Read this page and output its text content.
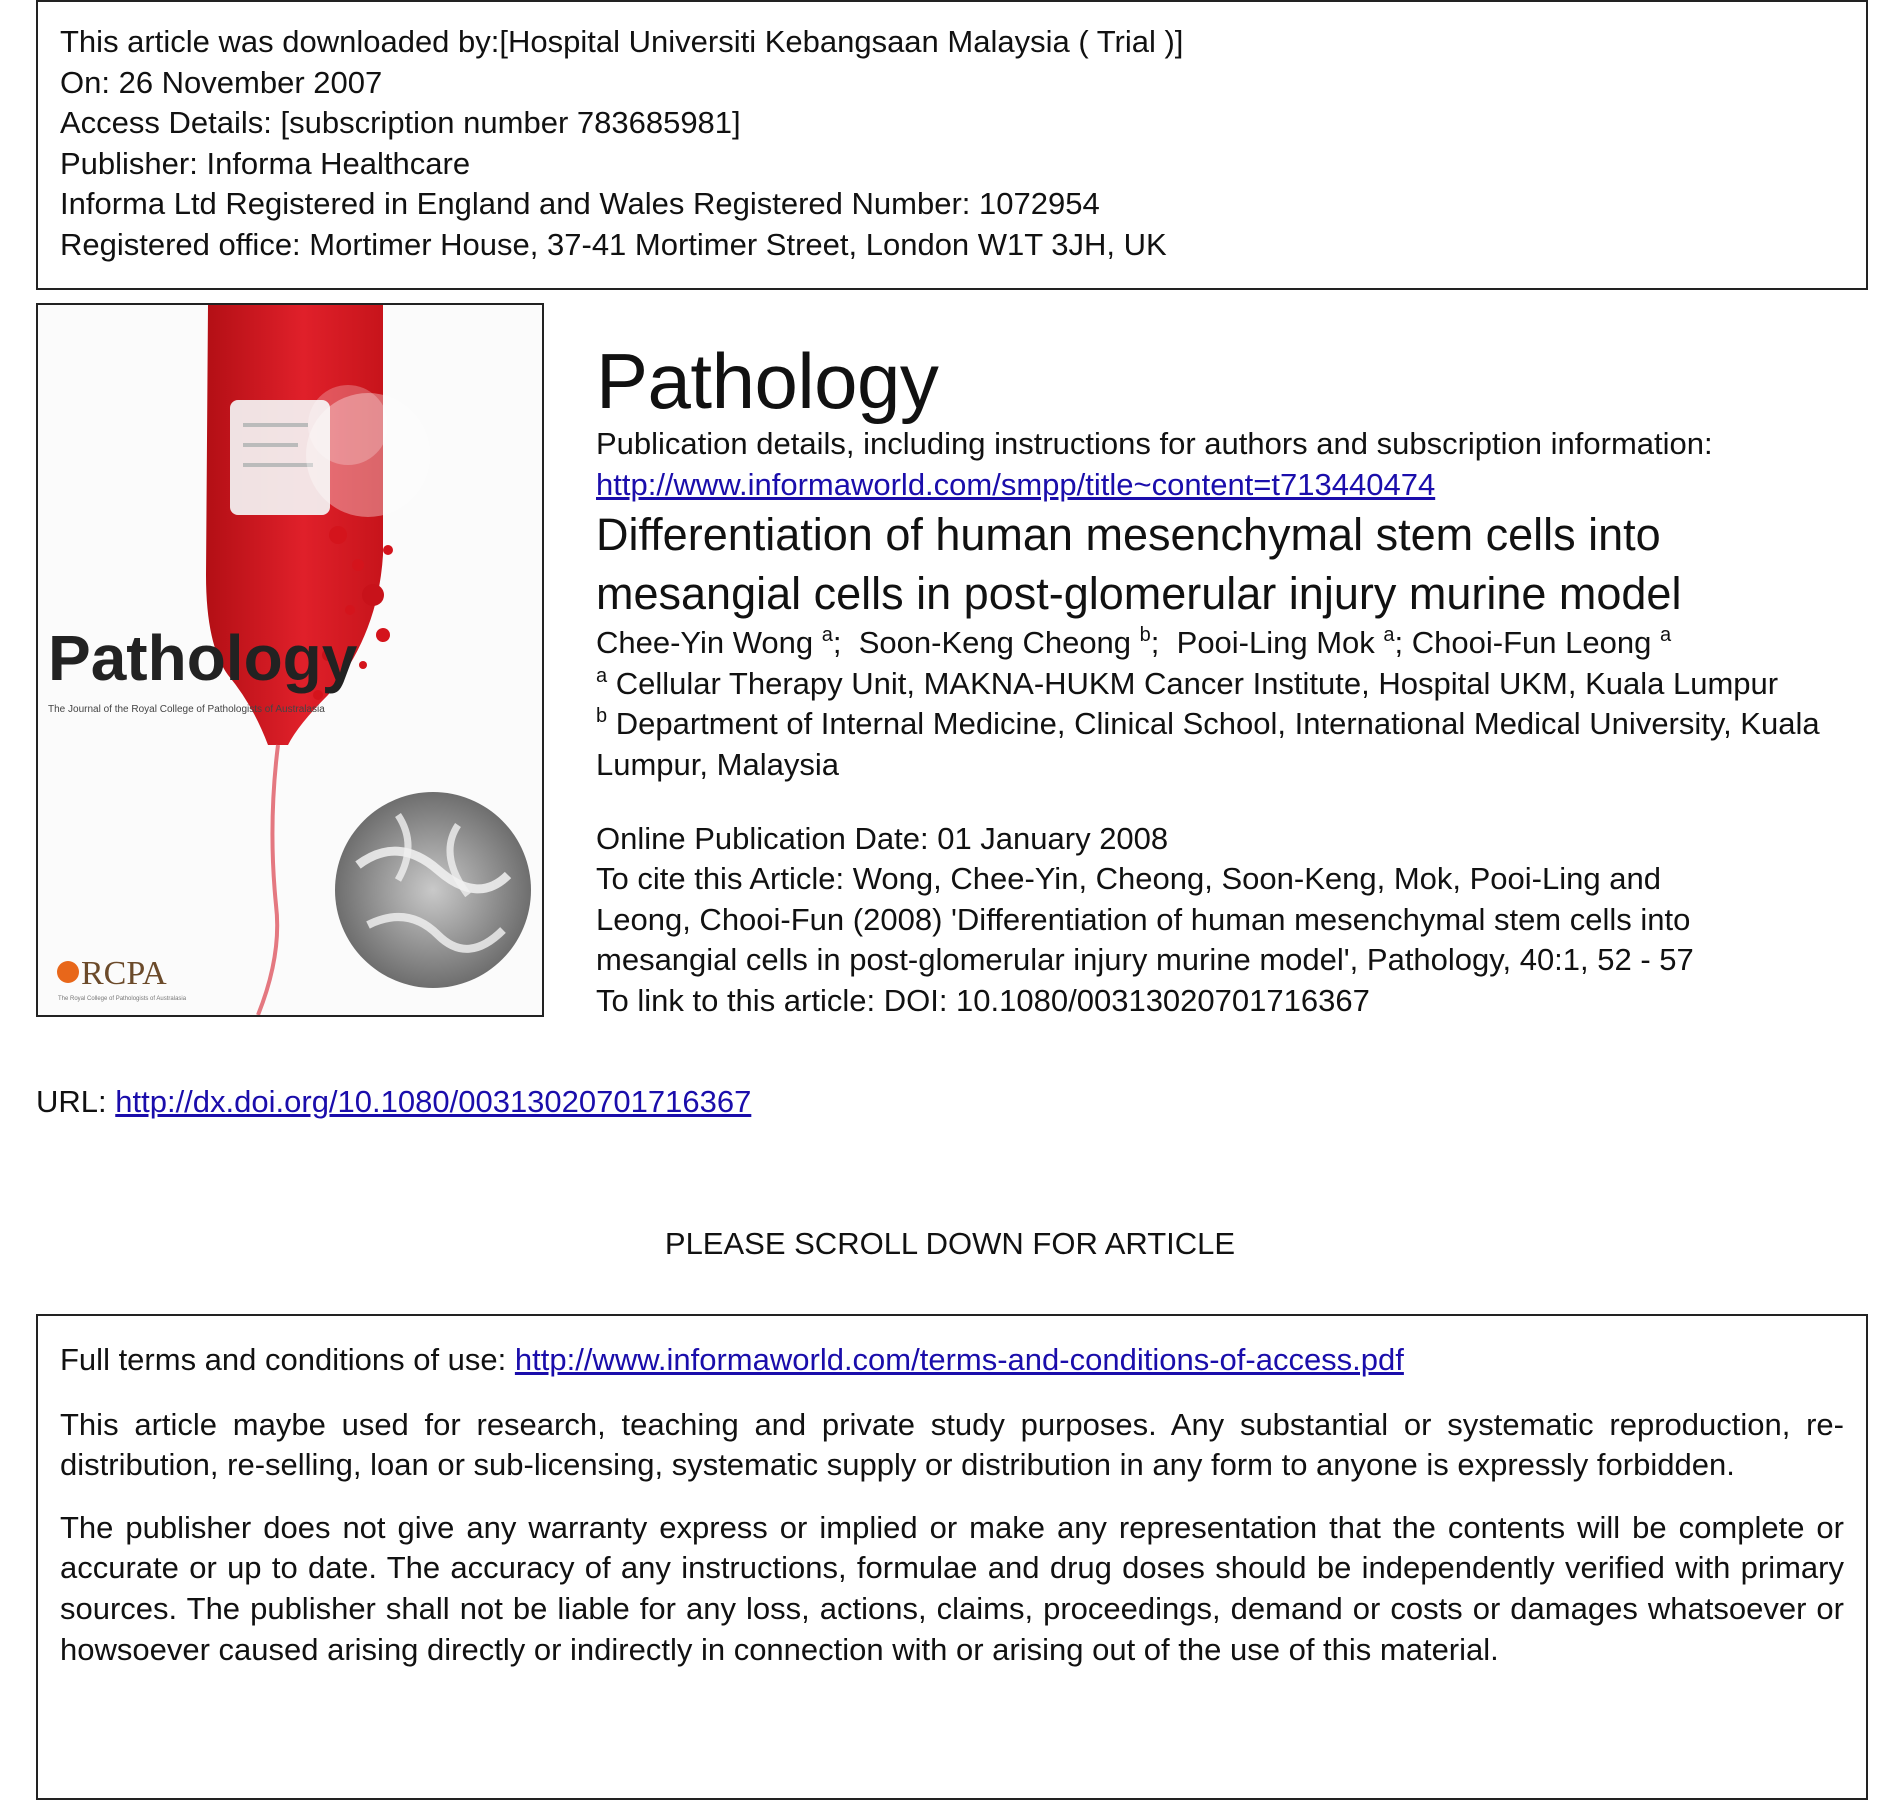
This article was downloaded by:[Hospital Universiti Kebangsaan Malaysia ( Trial )]

On: 26 November 2007

Access Details: [subscription number 783685981]

Publisher: Informa Healthcare

Informa Ltd Registered in England and Wales Registered Number: 1072954

Registered office: Mortimer House, 37-41 Mortimer Street, London W1T 3JH, UK

Pathology
The Journal of the Royal College of Pathologists of Australasia
RCPA
The Royal College of Pathologists of Australasia
Pathology

Publication details, including instructions for authors and subscription information:

http://www.informaworld.com/smpp/title~content=t713440474

Differentiation of human mesenchymal stem cells into
mesangial cells in post-glomerular injury murine model

Chee-Yin Wong $^a$;  Soon-Keng Cheong $^b$;  Pooi-Ling Mok $^a$; Chooi-Fun Leong $^a$

$^a$ Cellular Therapy Unit, MAKNA-HUKM Cancer Institute, Hospital UKM, Kuala Lumpur

$^b$ Department of Internal Medicine, Clinical School, International Medical University, Kuala Lumpur, Malaysia

Online Publication Date: 01 January 2008

To cite this Article: Wong, Chee-Yin, Cheong, Soon-Keng, Mok, Pooi-Ling and

Leong, Chooi-Fun (2008) 'Differentiation of human mesenchymal stem cells into

mesangial cells in post-glomerular injury murine model', Pathology, 40:1, 52 - 57

To link to this article: DOI: 10.1080/00313020701716367

URL: http://dx.doi.org/10.1080/00313020701716367
PLEASE SCROLL DOWN FOR ARTICLE

Full terms and conditions of use: http://www.informaworld.com/terms-and-conditions-of-access.pdf

This article maybe used for research, teaching and private study purposes. Any substantial or systematic reproduction, re-distribution, re-selling, loan or sub-licensing, systematic supply or distribution in any form to anyone is expressly forbidden.

The publisher does not give any warranty express or implied or make any representation that the contents will be complete or accurate or up to date. The accuracy of any instructions, formulae and drug doses should be independently verified with primary sources. The publisher shall not be liable for any loss, actions, claims, proceedings, demand or costs or damages whatsoever or howsoever caused arising directly or indirectly in connection with or arising out of the use of this material.
